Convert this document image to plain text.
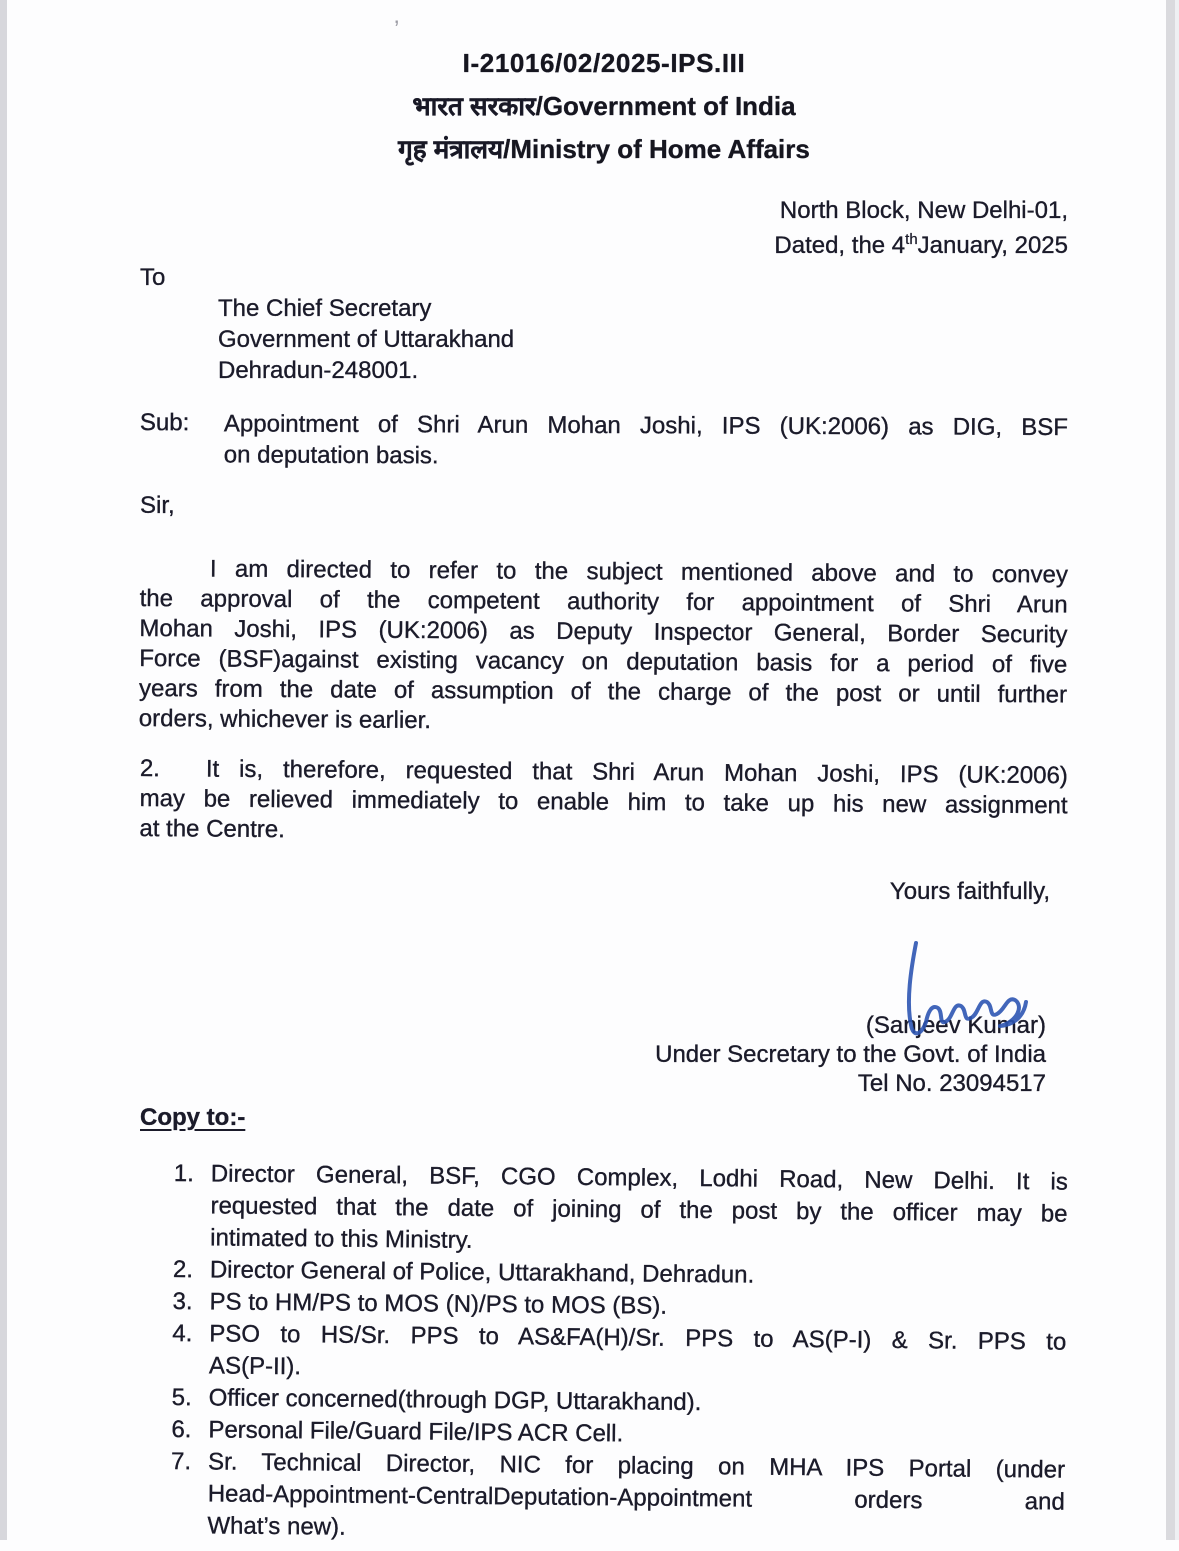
’
I-21016/02/2025-IPS.III
भारत सरकार/Government of India
गृह मंत्रालय/Ministry of Home Affairs
North Block, New Delhi-01,
Dated, the 4thJanuary, 2025
To
The Chief Secretary
Government of Uttarakhand
Dehradun-248001.
Sub:	Appointment of Shri Arun Mohan Joshi, IPS (UK:2006) as DIG, BSF
on deputation basis.
Sir,
I am directed to refer to the subject mentioned above and to convey
the approval of the competent authority for appointment of Shri Arun
Mohan Joshi, IPS (UK:2006) as Deputy Inspector General, Border Security
Force (BSF)against existing vacancy on deputation basis for a period of five
years from the date of assumption of the charge of the post or until further
orders, whichever is earlier.
2. It is, therefore, requested that Shri Arun Mohan Joshi, IPS (UK:2006)
may be relieved immediately to enable him to take up his new assignment
at the Centre.
Yours faithfully,
(Sanjeev Kumar)
Under Secretary to the Govt. of India
Tel No. 23094517
Copy to:-
1. Director General, BSF, CGO Complex, Lodhi Road, New Delhi. It is
requested that the date of joining of the post by the officer may be
intimated to this Ministry.
2. Director General of Police, Uttarakhand, Dehradun.
3. PS to HM/PS to MOS (N)/PS to MOS (BS).
4. PSO to HS/Sr. PPS to AS&FA(H)/Sr. PPS to AS(P-I) & Sr. PPS to
AS(P-II).
5. Officer concerned(through DGP, Uttarakhand).
6. Personal File/Guard File/IPS ACR Cell.
7. Sr. Technical Director, NIC for placing on MHA IPS Portal (under
Head-Appointment-CentralDeputation-Appointment orders and
What’s new).
